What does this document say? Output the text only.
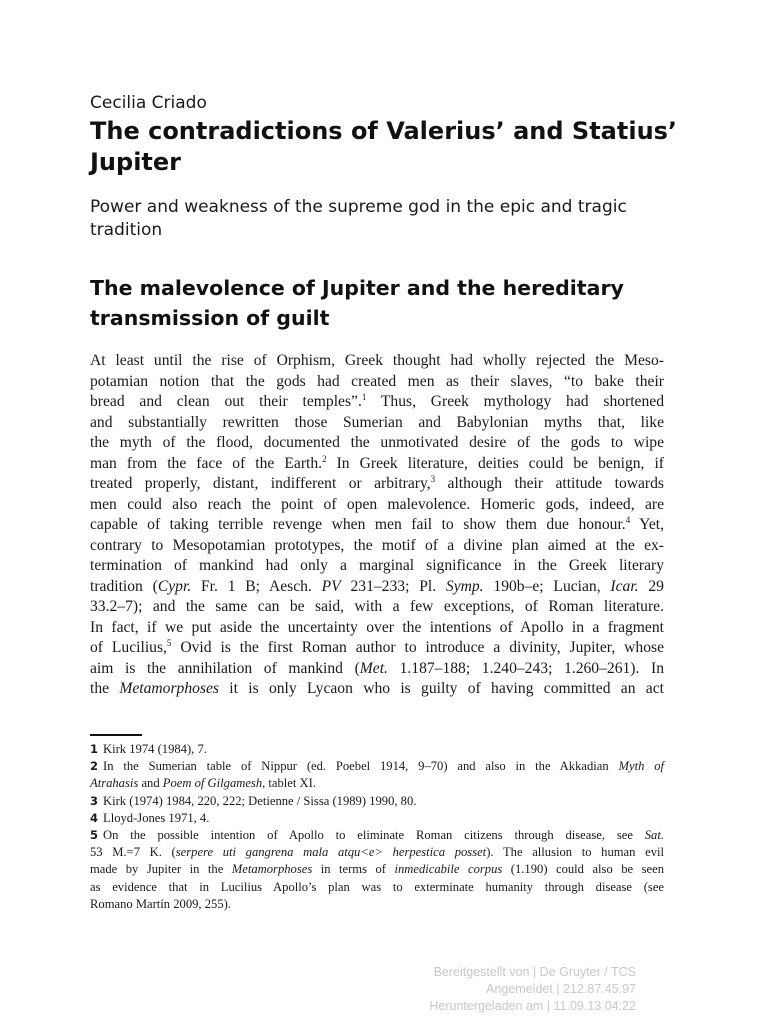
Cecilia Criado
The contradictions of Valerius’ and Statius’ Jupiter

Power and weakness of the supreme god in the epic and tragic tradition

The malevolence of Jupiter and the hereditary transmission of guilt
At least until the rise of Orphism, Greek thought had wholly rejected the Meso-
potamian notion that the gods had created men as their slaves, “to bake their
bread and clean out their temples”.$^1$ Thus, Greek mythology had shortened
and substantially rewritten those Sumerian and Babylonian myths that, like
the myth of the flood, documented the unmotivated desire of the gods to wipe
man from the face of the Earth.$^2$ In Greek literature, deities could be benign, if
treated properly, distant, indifferent or arbitrary,$^3$ although their attitude towards
men could also reach the point of open malevolence. Homeric gods, indeed, are
capable of taking terrible revenge when men fail to show them due honour.$^4$ Yet,
contrary to Mesopotamian prototypes, the motif of a divine plan aimed at the ex-
termination of mankind had only a marginal significance in the Greek literary
tradition (Cypr. Fr. 1 B; Aesch. PV 231–233; Pl. Symp. 190b–e; Lucian, Icar. 29
33.2–7); and the same can be said, with a few exceptions, of Roman literature.
In fact, if we put aside the uncertainty over the intentions of Apollo in a fragment
of Lucilius,$^5$ Ovid is the first Roman author to introduce a divinity, Jupiter, whose
aim is the annihilation of mankind (Met. 1.187–188; 1.240–243; 1.260–261). In
the Metamorphoses it is only Lycaon who is guilty of having committed an act
1 Kirk 1974 (1984), 7.
2 In the Sumerian table of Nippur (ed. Poebel 1914, 9–70) and also in the Akkadian Myth of
Atrahasis and Poem of Gilgamesh, tablet XI.
3 Kirk (1974) 1984, 220, 222; Detienne / Sissa (1989) 1990, 80.
4 Lloyd-Jones 1971, 4.
5 On the possible intention of Apollo to eliminate Roman citizens through disease, see Sat.
53 M.=7 K. (serpere uti gangrena mala atqu<e> herpestica posset). The allusion to human evil
made by Jupiter in the Metamorphoses in terms of inmedicabile corpus (1.190) could also be seen
as evidence that in Lucilius Apollo’s plan was to exterminate humanity through disease (see
Romano Martín 2009, 255).
Bereitgestellt von | De Gruyter / TCS
Angemeldet | 212.87.45.97
Heruntergeladen am | 11.09.13 04:22
